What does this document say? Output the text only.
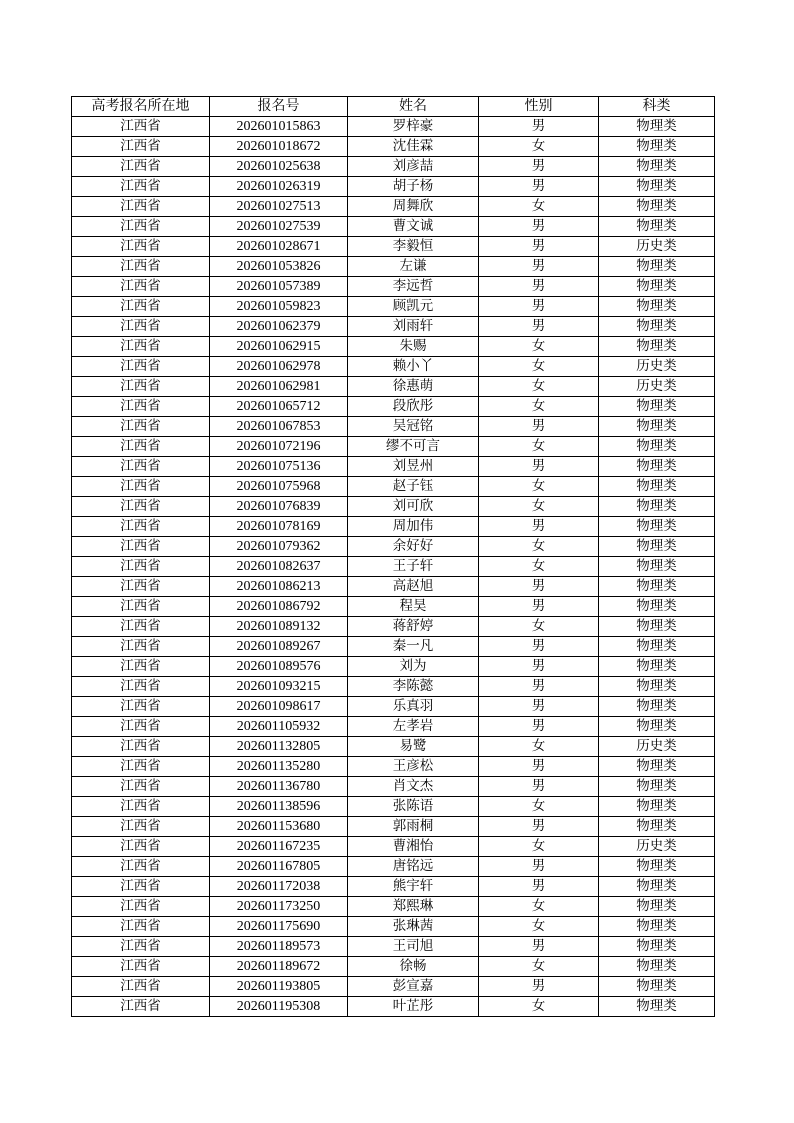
高考报名所在地	报名号	姓名	性别	科类
江西省	202601015863	罗梓豪	男	物理类
江西省	202601018672	沈佳霖	女	物理类
江西省	202601025638	刘彦喆	男	物理类
江西省	202601026319	胡子杨	男	物理类
江西省	202601027513	周舞欣	女	物理类
江西省	202601027539	曹文诚	男	物理类
江西省	202601028671	李毅恒	男	历史类
江西省	202601053826	左谦	男	物理类
江西省	202601057389	李远哲	男	物理类
江西省	202601059823	顾凯元	男	物理类
江西省	202601062379	刘雨轩	男	物理类
江西省	202601062915	朱赐	女	物理类
江西省	202601062978	赖小丫	女	历史类
江西省	202601062981	徐惠萌	女	历史类
江西省	202601065712	段欣彤	女	物理类
江西省	202601067853	吴冠铭	男	物理类
江西省	202601072196	缪不可言	女	物理类
江西省	202601075136	刘昱州	男	物理类
江西省	202601075968	赵子钰	女	物理类
江西省	202601076839	刘可欣	女	物理类
江西省	202601078169	周加伟	男	物理类
江西省	202601079362	余好好	女	物理类
江西省	202601082637	王子轩	女	物理类
江西省	202601086213	高赵旭	男	物理类
江西省	202601086792	程昊	男	物理类
江西省	202601089132	蒋舒婷	女	物理类
江西省	202601089267	秦一凡	男	物理类
江西省	202601089576	刘为	男	物理类
江西省	202601093215	李陈懿	男	物理类
江西省	202601098617	乐真羽	男	物理类
江西省	202601105932	左孝岩	男	物理类
江西省	202601132805	易鹭	女	历史类
江西省	202601135280	王彦松	男	物理类
江西省	202601136780	肖文杰	男	物理类
江西省	202601138596	张陈语	女	物理类
江西省	202601153680	郭雨桐	男	物理类
江西省	202601167235	曹湘怡	女	历史类
江西省	202601167805	唐铭远	男	物理类
江西省	202601172038	熊宇轩	男	物理类
江西省	202601173250	郑熙琳	女	物理类
江西省	202601175690	张琳茜	女	物理类
江西省	202601189573	王司旭	男	物理类
江西省	202601189672	徐畅	女	物理类
江西省	202601193805	彭宣嘉	男	物理类
江西省	202601195308	叶芷彤	女	物理类
